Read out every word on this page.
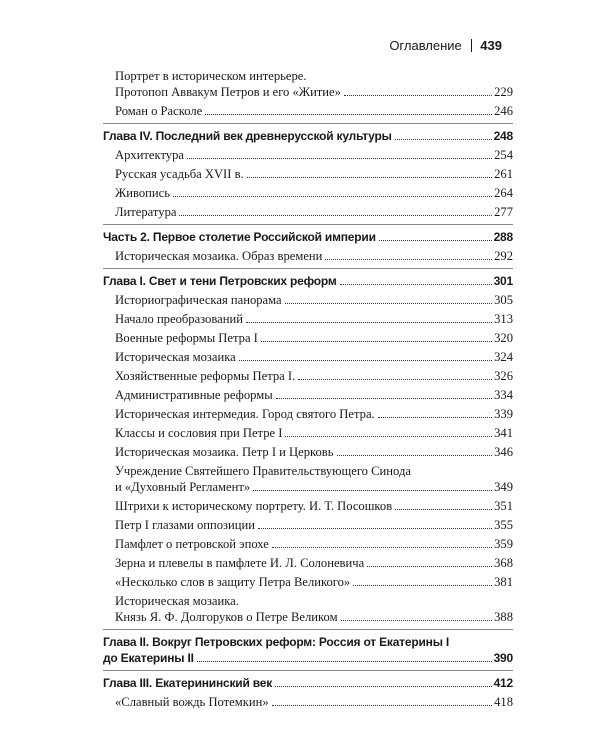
Оглавление 439
Портрет в историческом интерьере.
Протопоп Аввакум Петров и его «Житие»	229
Роман о Расколе	246
Глава IV. Последний век древнерусской культуры	248
Архитектура	254
Русская усадьба XVII в.	261
Живопись	264
Литература	277
Часть 2. Первое столетие Российской империи	288
Историческая мозаика. Образ времени	292
Глава I. Свет и тени Петровских реформ	301
Историографическая панорама	305
Начало преобразований	313
Военные реформы Петра I	320
Историческая мозаика	324
Хозяйственные реформы Петра I.	326
Административные реформы	334
Историческая интермедия. Город святого Петра.	339
Классы и сословия при Петре I	341
Историческая мозаика. Петр I и Церковь	346
Учреждение Святейшего Правительствующего Синода
и «Духовный Регламент»	349
Штрихи к историческому портрету. И. Т. Посошков	351
Петр I глазами оппозиции	355
Памфлет о петровской эпохе	359
Зерна и плевелы в памфлете И. Л. Солоневича	368
«Несколько слов в защиту Петра Великого»	381
Историческая мозаика.
Князь Я. Ф. Долгоруков о Петре Великом	388
Глава II. Вокруг Петровских реформ: Россия от Екатерины I
до Екатерины II	390
Глава III. Екатерининский век	412
«Славный вождь Потемкин»	418
